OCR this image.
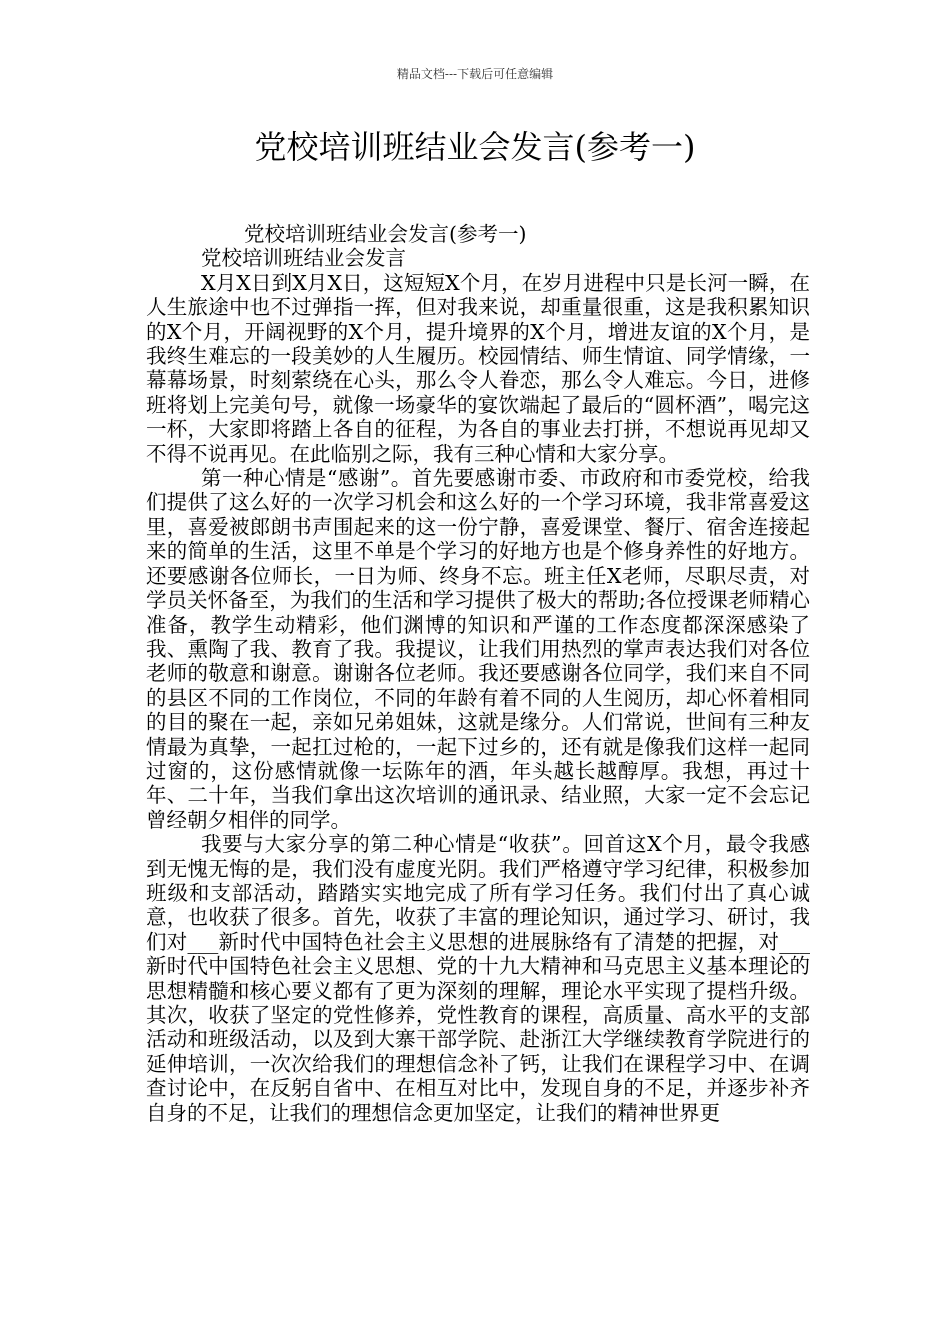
精品文档---下载后可任意编辑
党校培训班结业会发言(参考一)

党校培训班结业会发言(参考一)

党校培训班结业会发言

X月X日到X月X日，这短短X个月，在岁月进程中只是长河一瞬，在人生旅途中也不过弹指一挥，但对我来说，却重量很重，这是我积累知识的X个月，开阔视野的X个月，提升境界的X个月，增进友谊的X个月，是我终生难忘的一段美妙的人生履历。校园情结、师生情谊、同学情缘，一幕幕场景，时刻萦绕在心头，那么令人眷恋，那么令人难忘。今日，进修班将划上完美句号，就像一场豪华的宴饮端起了最后的“圆杯酒”，喝完这一杯，大家即将踏上各自的征程，为各自的事业去打拼，不想说再见却又不得不说再见。在此临别之际，我有三种心情和大家分享。

第一种心情是“感谢”。首先要感谢市委、市政府和市委党校，给我们提供了这么好的一次学习机会和这么好的一个学习环境，我非常喜爱这里，喜爱被郎朗书声围起来的这一份宁静，喜爱课堂、餐厅、宿舍连接起来的简单的生活，这里不单是个学习的好地方也是个修身养性的好地方。还要感谢各位师长，一日为师、终身不忘。班主任X老师，尽职尽责，对学员关怀备至，为我们的生活和学习提供了极大的帮助;各位授课老师精心准备，教学生动精彩，他们渊博的知识和严谨的工作态度都深深感染了我、熏陶了我、教育了我。我提议，让我们用热烈的掌声表达我们对各位老师的敬意和谢意。谢谢各位老师。我还要感谢各位同学，我们来自不同的县区不同的工作岗位，不同的年龄有着不同的人生阅历，却心怀着相同的目的聚在一起，亲如兄弟姐妹，这就是缘分。人们常说，世间有三种友情最为真挚，一起扛过枪的，一起下过乡的，还有就是像我们这样一起同过窗的，这份感情就像一坛陈年的酒，年头越长越醇厚。我想，再过十年、二十年，当我们拿出这次培训的通讯录、结业照，大家一定不会忘记曾经朝夕相伴的同学。

我要与大家分享的第二种心情是“收获”。回首这X个月，最令我感到无愧无悔的是，我们没有虚度光阴。我们严格遵守学习纪律，积极参加班级和支部活动，踏踏实实地完成了所有学习任务。我们付出了真心诚意，也收获了很多。首先，收获了丰富的理论知识，通过学习、研讨，我们对___新时代中国特色社会主义思想的进展脉络有了清楚的把握，对___新时代中国特色社会主义思想、党的十九大精神和马克思主义基本理论的思想精髓和核心要义都有了更为深刻的理解，理论水平实现了提档升级。其次，收获了坚定的党性修养，党性教育的课程，高质量、高水平的支部活动和班级活动，以及到大寨干部学院、赴浙江大学继续教育学院进行的延伸培训，一次次给我们的理想信念补了钙，让我们在课程学习中、在调查讨论中，在反躬自省中、在相互对比中，发现自身的不足，并逐步补齐自身的不足，让我们的理想信念更加坚定，让我们的精神世界更
